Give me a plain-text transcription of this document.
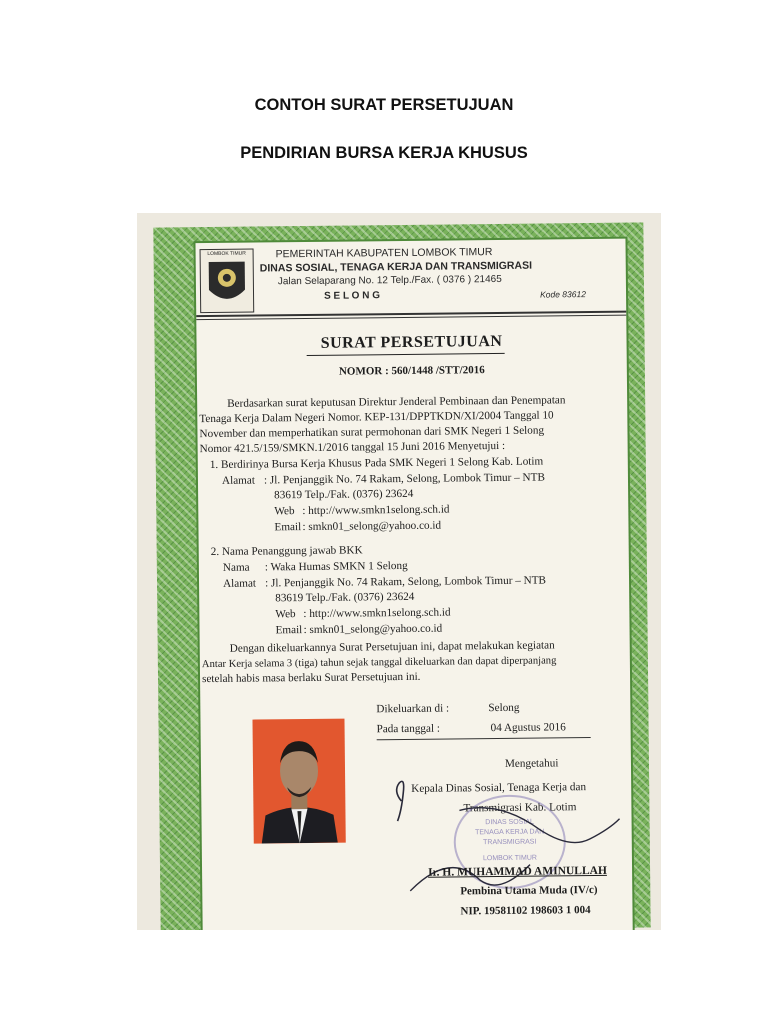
CONTOH SURAT PERSETUJUAN
PENDIRIAN BURSA KERJA KHUSUS
LOMBOK TIMUR	PEMERINTAH KABUPATEN LOMBOK TIMUR
DINAS SOSIAL, TENAGA KERJA DAN TRANSMIGRASI
Jalan Selaparang No. 12 Telp./Fax. ( 0376 ) 21465
S E L O N G	Kode 83612
SURAT PERSETUJUAN
NOMOR : 560/1448 /STT/2016
Berdasarkan surat keputusan Direktur Jenderal Pembinaan dan Penempatan
Tenaga Kerja Dalam Negeri Nomor. KEP-131/DPPTKDN/XI/2004 Tanggal 10
November dan memperhatikan surat permohonan dari SMK Negeri 1 Selong
Nomor 421.5/159/SMKN.1/2016 tanggal 15 Juni 2016 Menyetujui :
1. Berdirinya Bursa Kerja Khusus Pada SMK Negeri 1 Selong Kab. Lotim
Alamat : Jl. Penjanggik No. 74 Rakam, Selong, Lombok Timur – NTB
83619 Telp./Fak. (0376) 23624
Web : http://www.smkn1selong.sch.id
Email : smkn01_selong@yahoo.co.id
2. Nama Penanggung jawab BKK
Nama : Waka Humas SMKN 1 Selong
Alamat : Jl. Penjanggik No. 74 Rakam, Selong, Lombok Timur – NTB
83619 Telp./Fak. (0376) 23624
Web : http://www.smkn1selong.sch.id
Email : smkn01_selong@yahoo.co.id
Dengan dikeluarkannya Surat Persetujuan ini, dapat melakukan kegiatan
Antar Kerja selama 3 (tiga) tahun sejak tanggal dikeluarkan dan dapat diperpanjang
setelah habis masa berlaku Surat Persetujuan ini.
Dikeluarkan di :	Selong
Pada tanggal :	04 Agustus 2016
Mengetahui
Kepala Dinas Sosial, Tenaga Kerja dan
Transmigrasi Kab. Lotim
DINAS SOSIAL
TENAGA KERJA DAN
TRANSMIGRASI
LOMBOK TIMUR
Ir. H. MUHAMMAD AMINULLAH
Pembina Utama Muda (IV/c)
NIP. 19581102 198603 1 004
